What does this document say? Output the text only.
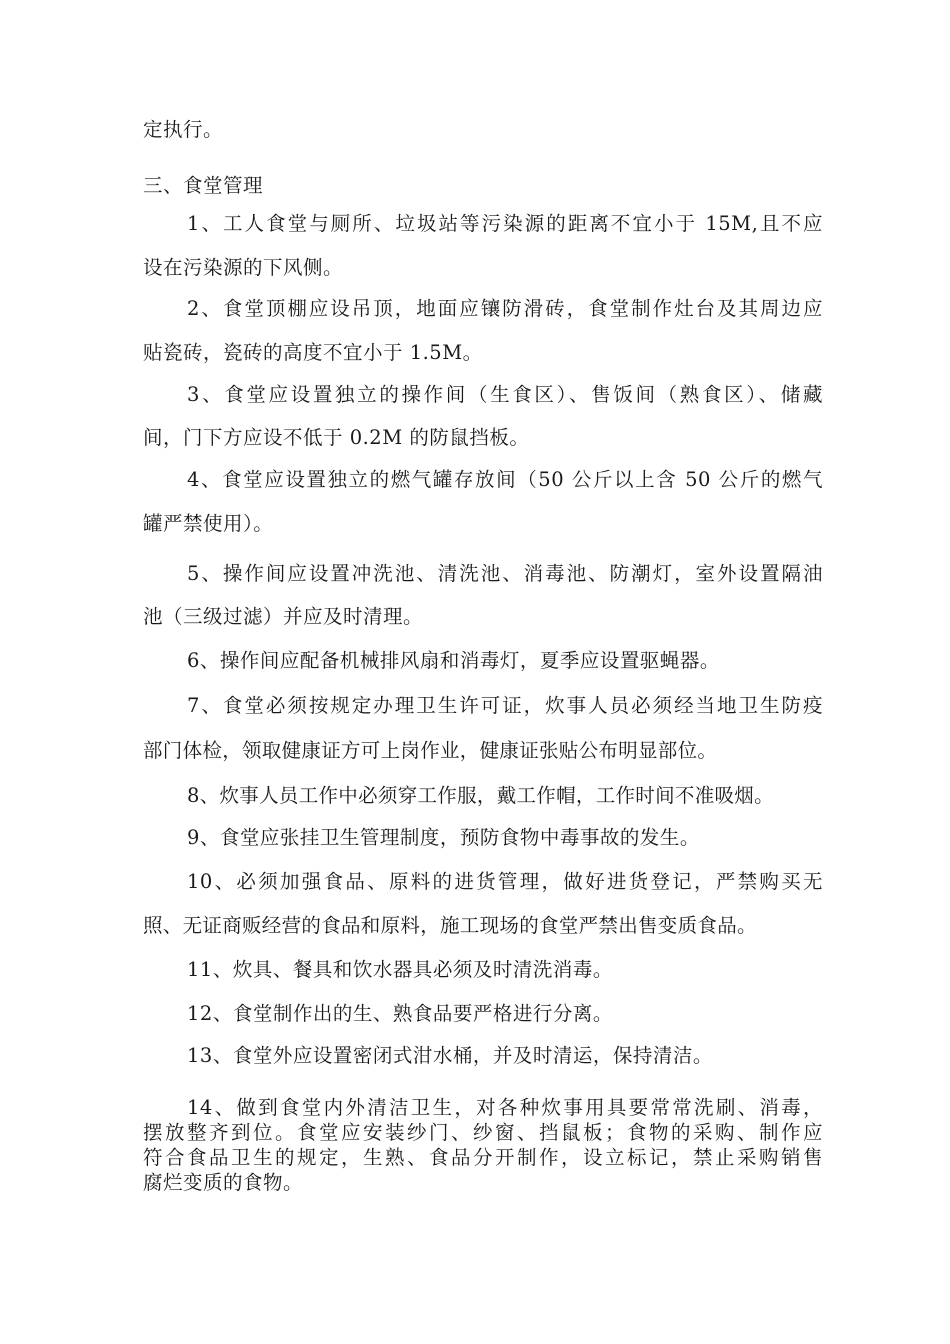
定执行。
三、食堂管理
1、工人食堂与厕所、垃圾站等污染源的距离不宜小于 15M,且不应
设在污染源的下风侧。
2、食堂顶棚应设吊顶，地面应镶防滑砖，食堂制作灶台及其周边应
贴瓷砖，瓷砖的高度不宜小于 1.5M。
3、食堂应设置独立的操作间（生食区）、售饭间（熟食区）、储藏
间，门下方应设不低于 0.2M 的防鼠挡板。
4、食堂应设置独立的燃气罐存放间（50 公斤以上含 50 公斤的燃气
罐严禁使用）。
5、操作间应设置冲洗池、清洗池、消毒池、防潮灯，室外设置隔油
池（三级过滤）并应及时清理。
6、操作间应配备机械排风扇和消毒灯，夏季应设置驱蝇器。
7、食堂必须按规定办理卫生许可证，炊事人员必须经当地卫生防疫
部门体检，领取健康证方可上岗作业，健康证张贴公布明显部位。
8、炊事人员工作中必须穿工作服，戴工作帽，工作时间不准吸烟。
9、食堂应张挂卫生管理制度，预防食物中毒事故的发生。
10、必须加强食品、原料的进货管理，做好进货登记，严禁购买无
照、无证商贩经营的食品和原料，施工现场的食堂严禁出售变质食品。
11、炊具、餐具和饮水器具必须及时清洗消毒。
12、食堂制作出的生、熟食品要严格进行分离。
13、食堂外应设置密闭式泔水桶，并及时清运，保持清洁。
14、做到食堂内外清洁卫生，对各种炊事用具要常常洗刷、消毒，
摆放整齐到位。食堂应安装纱门、纱窗、挡鼠板；食物的采购、制作应
符合食品卫生的规定，生熟、食品分开制作，设立标记，禁止采购销售
腐烂变质的食物。
